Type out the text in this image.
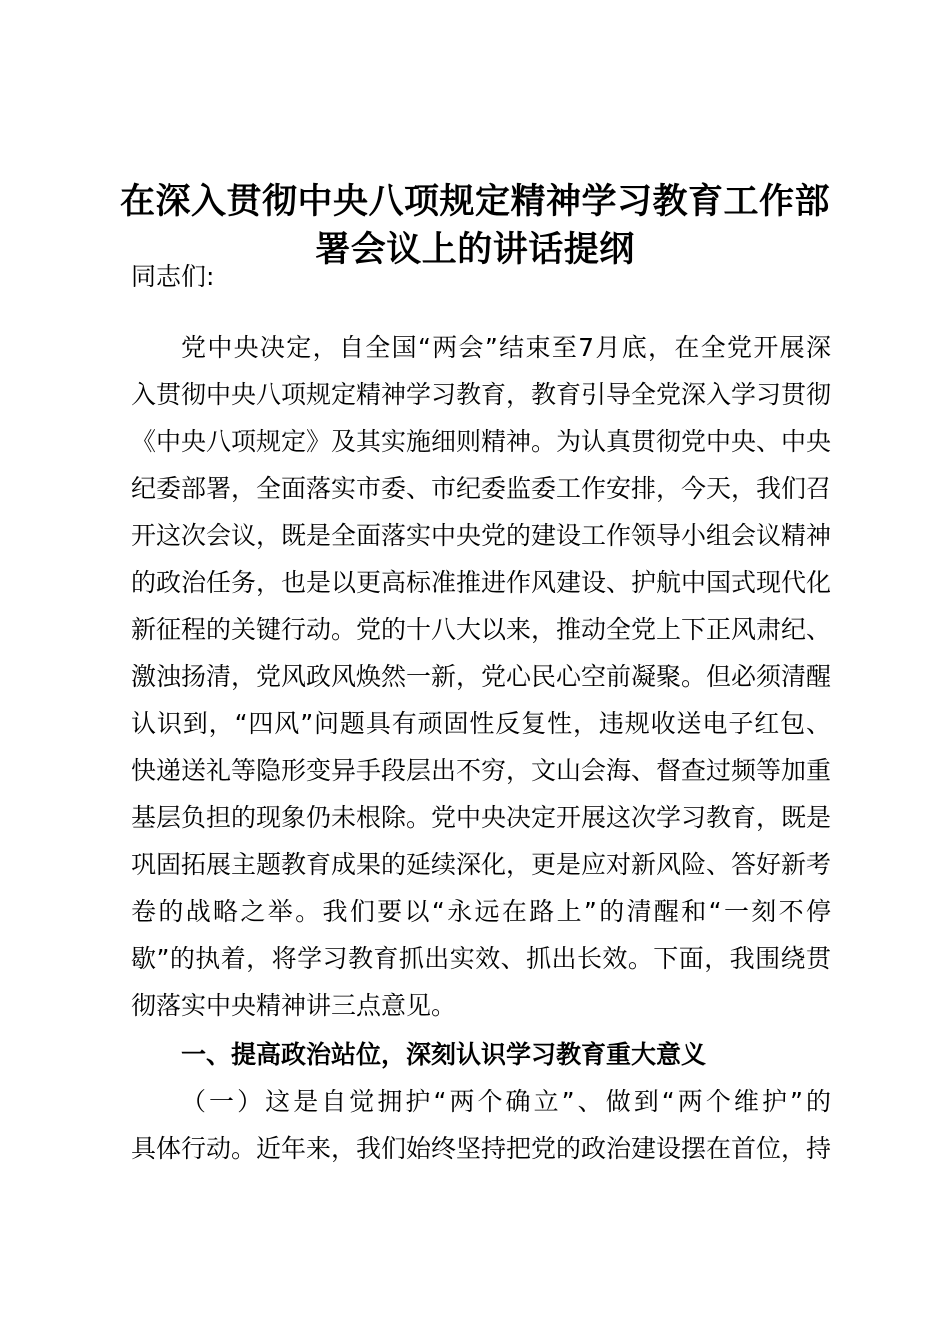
在深入贯彻中央八项规定精神学习教育工作部署会议上的讲话提纲

同志们:

党中央决定，自全国“两会”结束至7月底，在全党开展深

入贯彻中央八项规定精神学习教育，教育引导全党深入学习贯彻

《中央八项规定》及其实施细则精神。为认真贯彻党中央、中央

纪委部署，全面落实市委、市纪委监委工作安排，今天，我们召

开这次会议，既是全面落实中央党的建设工作领导小组会议精神

的政治任务，也是以更高标准推进作风建设、护航中国式现代化

新征程的关键行动。党的十八大以来，推动全党上下正风肃纪、

激浊扬清，党风政风焕然一新，党心民心空前凝聚。但必须清醒

认识到，“四风”问题具有顽固性反复性，违规收送电子红包、

快递送礼等隐形变异手段层出不穷，文山会海、督查过频等加重

基层负担的现象仍未根除。党中央决定开展这次学习教育，既是

巩固拓展主题教育成果的延续深化，更是应对新风险、答好新考

卷的战略之举。我们要以“永远在路上”的清醒和“一刻不停

歇”的执着，将学习教育抓出实效、抓出长效。下面，我围绕贯

彻落实中央精神讲三点意见。

一、提高政治站位，深刻认识学习教育重大意义

（一）这是自觉拥护“两个确立”、做到“两个维护”的

具体行动。近年来，我们始终坚持把党的政治建设摆在首位，持
